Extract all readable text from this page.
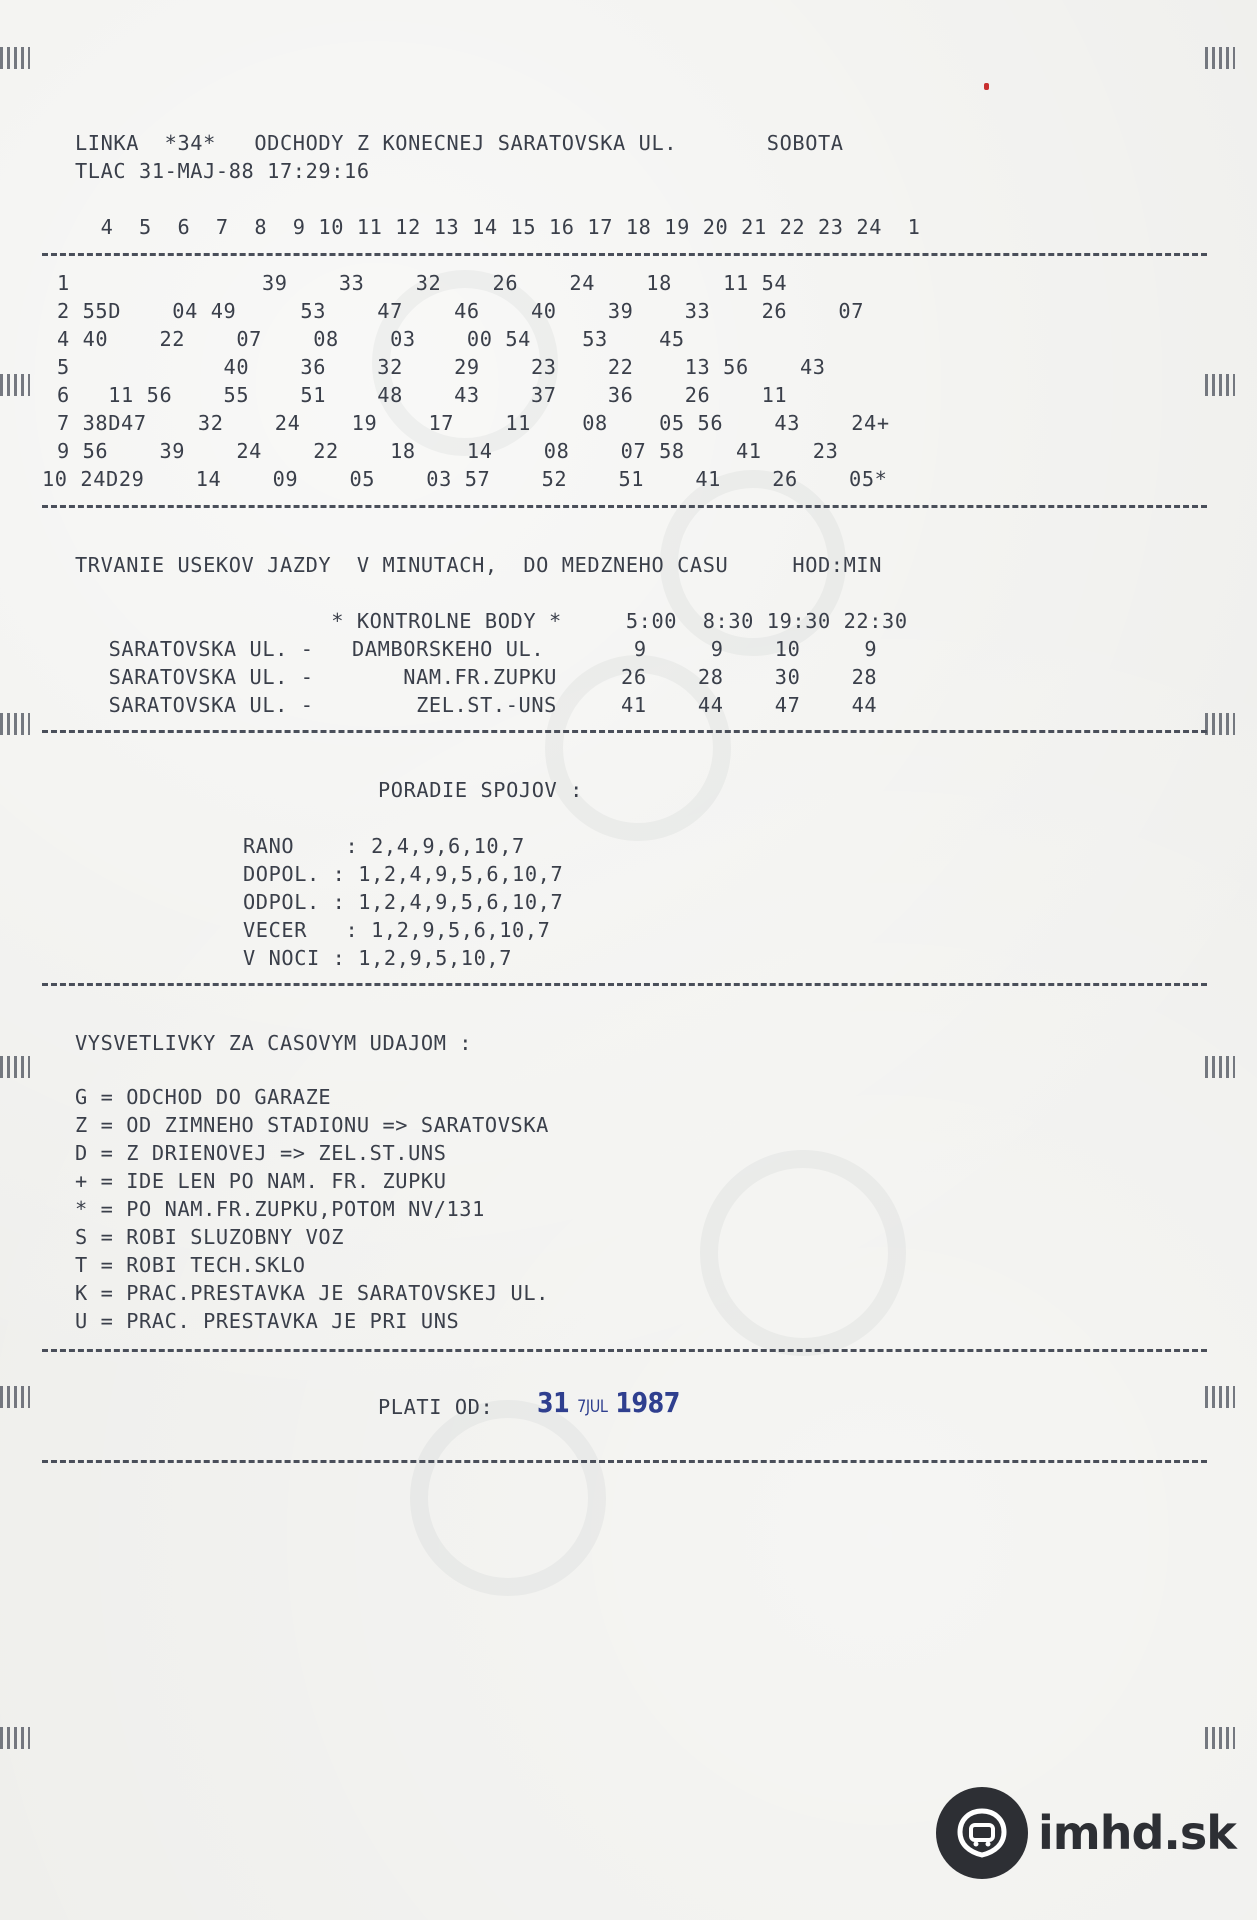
LINKA  *34*   ODCHODY Z KONECNEJ SARATOVSKA UL.       SOBOTA
TLAC 31-MAJ-88 17:29:16
4  5  6  7  8  9 10 11 12 13 14 15 16 17 18 19 20 21 22 23 24  1
1               39    33    32    26    24    18    11 54
2 55D    04 49     53    47    46    40    39    33    26    07
4 40    22    07    08    03    00 54    53    45
5            40    36    32    29    23    22    13 56    43
6   11 56    55    51    48    43    37    36    26    11
7 38D47    32    24    19    17    11    08    05 56    43    24+
9 56    39    24    22    18    14    08    07 58    41    23
10 24D29    14    09    05    03 57    52    51    41    26    05*
TRVANIE USEKOV JAZDY  V MINUTACH,  DO MEDZNEHO CASU     HOD:MIN
* KONTROLNE BODY *     5:00  8:30 19:30 22:30
SARATOVSKA UL. -   DAMBORSKEHO UL.       9     9    10     9
SARATOVSKA UL. -       NAM.FR.ZUPKU     26    28    30    28
SARATOVSKA UL. -        ZEL.ST.-UNS     41    44    47    44
PORADIE SPOJOV :
RANO    : 2,4,9,6,10,7
DOPOL. : 1,2,4,9,5,6,10,7
ODPOL. : 1,2,4,9,5,6,10,7
VECER   : 1,2,9,5,6,10,7
V NOCI : 1,2,9,5,10,7
VYSVETLIVKY ZA CASOVYM UDAJOM :
G = ODCHOD DO GARAZE
Z = OD ZIMNEHO STADIONU => SARATOVSKA
D = Z DRIENOVEJ => ZEL.ST.UNS
+ = IDE LEN PO NAM. FR. ZUPKU
* = PO NAM.FR.ZUPKU,POTOM NV/131
S = ROBI SLUZOBNY VOZ
T = ROBI TECH.SKLO
K = PRAC.PRESTAVKA JE SARATOVSKEJ UL.
U = PRAC. PRESTAVKA JE PRI UNS
PLATI OD: 31 7JUL 1987
imhd.sk
